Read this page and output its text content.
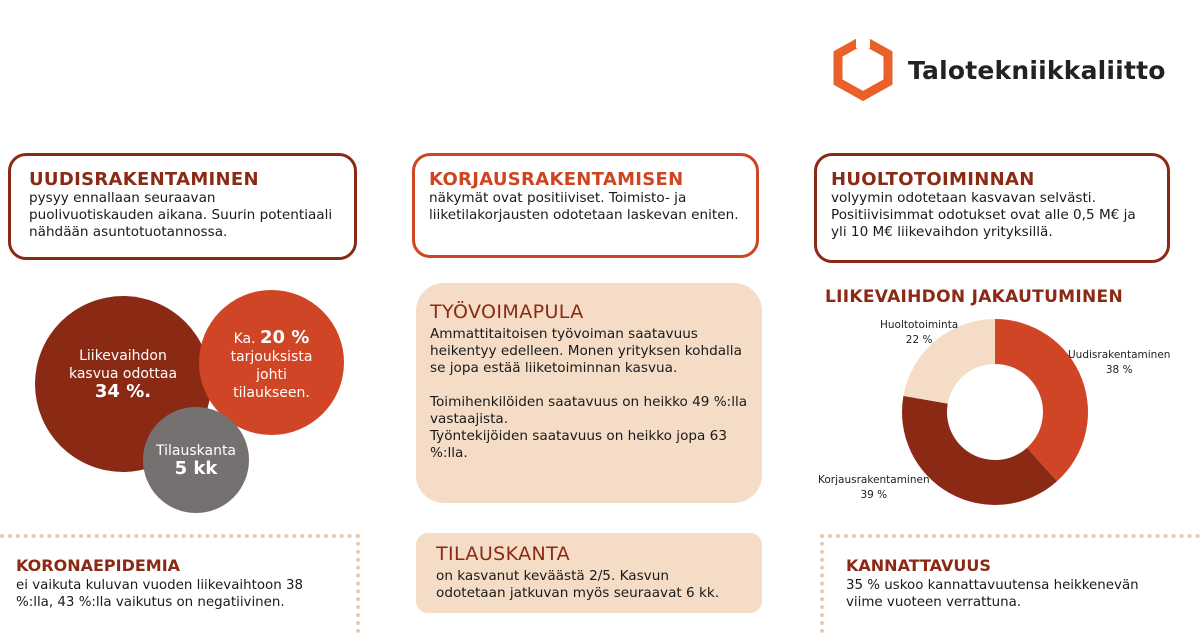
Talotekniikkaliitto
UUDISRAKENTAMINEN

pysyy ennallaan seuraavan puolivuotiskauden aikana. Suurin potentiaali nähdään asuntotuotannossa.

KORJAUSRAKENTAMISEN

näkymät ovat positiiviset. Toimisto- ja liiketilakorjausten odotetaan laskevan eniten.

HUOLTOTOIMINNAN

volyymin odotetaan kasvavan selvästi. Positiivisimmat odotukset ovat alle 0,5 M€ ja yli 10 M€ liikevaihdon yrityksillä.

Liikevaihdon kasvua odottaa
34 %.
Ka. 20 %
tarjouksista johti tilaukseen.
Tilauskanta
5 kk
TYÖVOIMAPULA

Ammattitaitoisen työvoiman saatavuus heikentyy edelleen. Monen yrityksen kohdalla se jopa estää liiketoiminnan kasvua.

Toimihenkilöiden saatavuus on heikko 49 %:lla vastaajista.

Työntekijöiden saatavuus on heikko jopa 63 %:lla.

TILAUSKANTA

on kasvanut keväästä 2/5. Kasvun odotetaan jatkuvan myös seuraavat 6 kk.

KORONAEPIDEMIA

ei vaikuta kuluvan vuoden liikevaihtoon 38 %:lla, 43 %:lla vaikutus on negatiivinen.

KANNATTAVUUS

35 % uskoo kannattavuutensa heikkenevän viime vuoteen verrattuna.

LIIKEVAIHDON JAKAUTUMINEN
Huoltotoiminta
22 %
Uudisrakentaminen
38 %
Korjausrakentaminen
39 %
